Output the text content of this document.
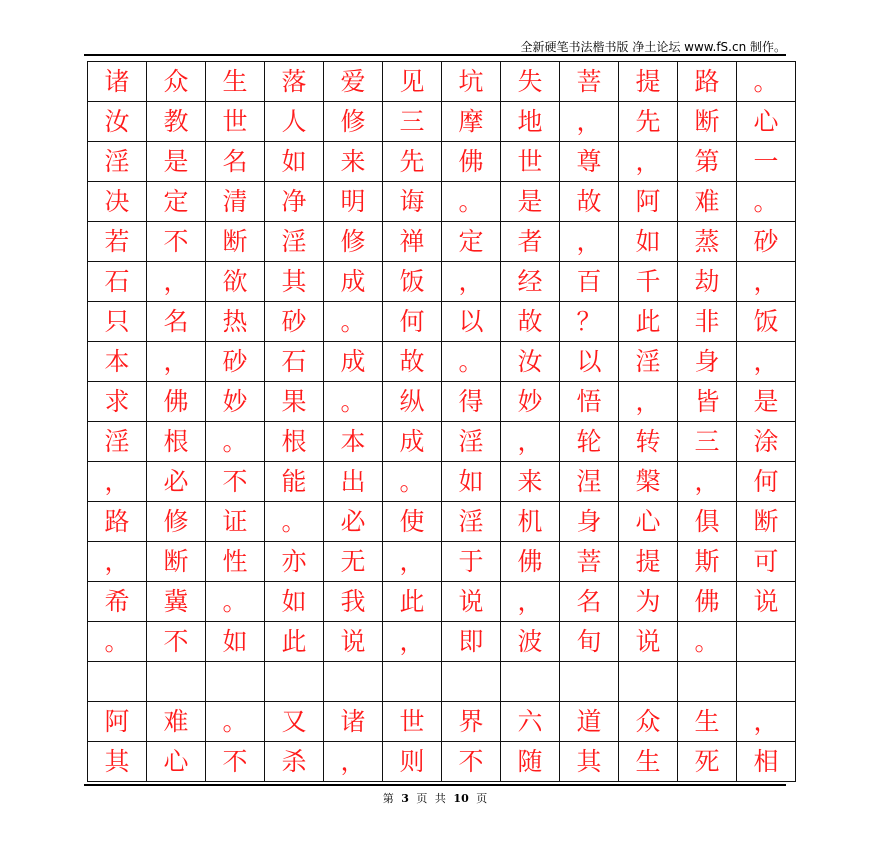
全新硬笔书法楷书版 净土论坛 www.fS.cn 制作。
诸	众	生	落	爱	见	坑	失	菩	提	路	。
汝	教	世	人	修	三	摩	地	，	先	断	心
淫	是	名	如	来	先	佛	世	尊	，	第	一
决	定	清	净	明	诲	。	是	故	阿	难	。
若	不	断	淫	修	禅	定	者	，	如	蒸	砂
石	，	欲	其	成	饭	，	经	百	千	劫	，
只	名	热	砂	。	何	以	故	？	此	非	饭
本	，	砂	石	成	故	。	汝	以	淫	身	，
求	佛	妙	果	。	纵	得	妙	悟	，	皆	是
淫	根	。	根	本	成	淫	，	轮	转	三	涂
，	必	不	能	出	。	如	来	涅	槃	，	何
路	修	证	。	必	使	淫	机	身	心	俱	断
，	断	性	亦	无	，	于	佛	菩	提	斯	可
希	冀	。	如	我	此	说	，	名	为	佛	说
。	不	如	此	说	，	即	波	旬	说	。	

阿	难	。	又	诸	世	界	六	道	众	生	，
其	心	不	杀	，	则	不	随	其	生	死	相
第 3 页 共 10 页
